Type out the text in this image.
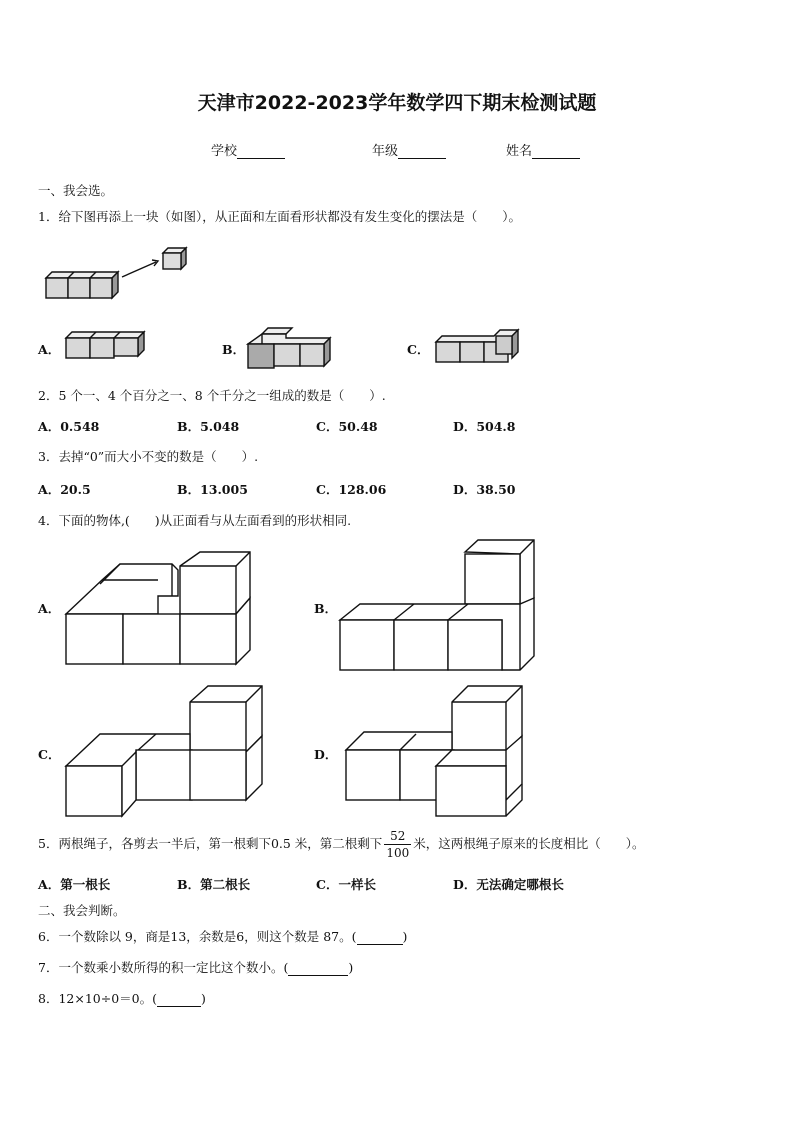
天津市2022-2023学年数学四下期末检测试题
学校	年级	姓名
一、我会选。
1．给下图再添上一块（如图），从正面和左面看形状都没有发生变化的摆法是（　　）。
A．	B．	C．
2．5 个一、4 个百分之一、8 个千分之一组成的数是（　　）.
A．0.548	B．5.048	C．50.48	D．504.8
3．去掉“0”而大小不变的数是（　　）.
A．20.5	B．13.005	C．128.06	D．38.50
4．下面的物体,(　　)从正面看与从左面看到的形状相同.
A．	B．
C．	D．
5．两根绳子，各剪去一半后，第一根剩下0.5 米，第二根剩下 $\frac{52}{100}$ 米，这两根绳子原来的长度相比（　　）。
A．第一根长	B．第二根长	C．一样长	D．无法确定哪根长
二、我会判断。
6．一个数除以 9，商是13，余数是6，则这个数是 87。(	)
7．一个数乘小数所得的积一定比这个数小。(	)
8．12×10÷0＝0。(	)
